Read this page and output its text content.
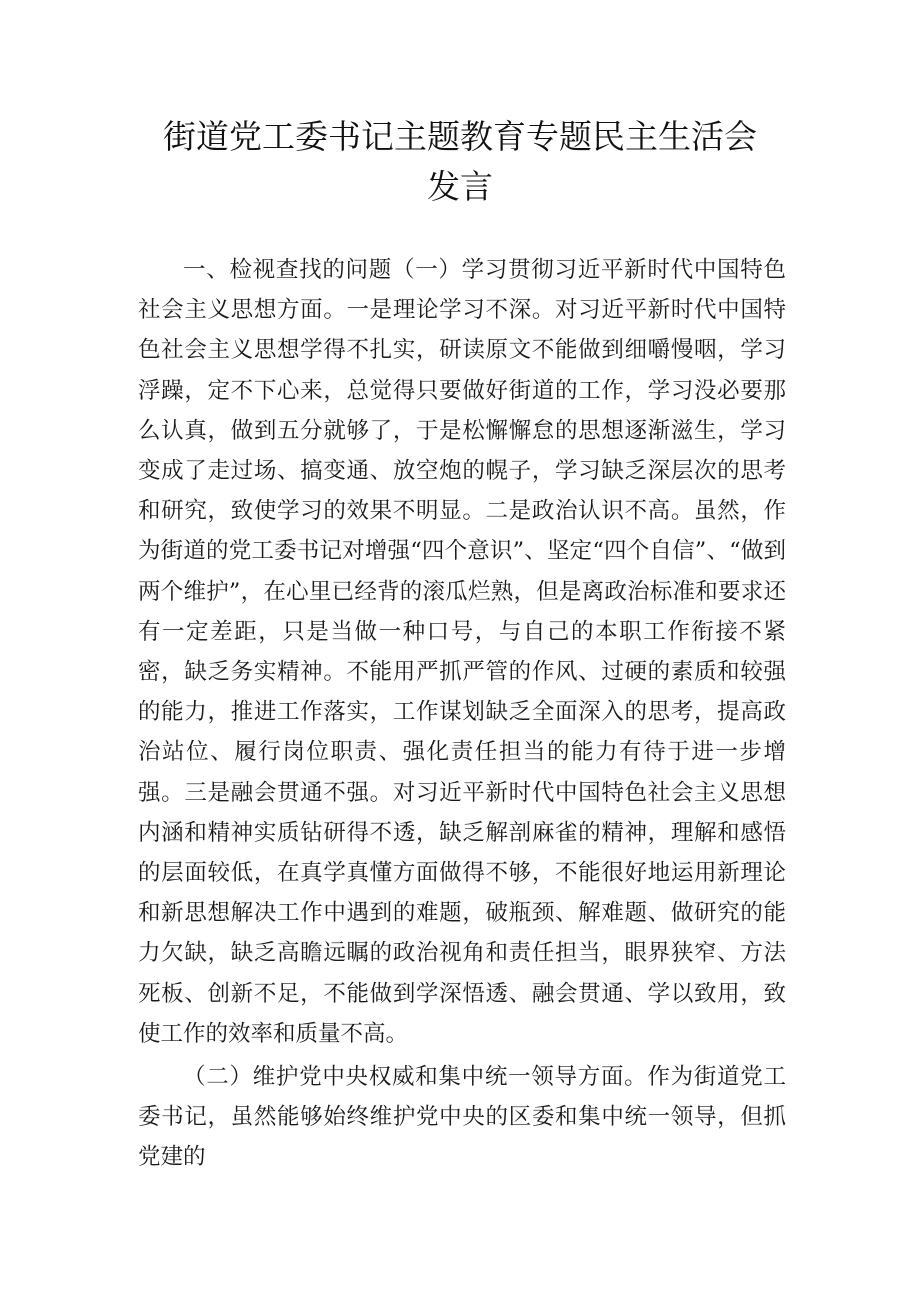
街道党工委书记主题教育专题民主生活会
发言

一、检视查找的问题（一）学习贯彻习近平新时代中国特色社会主义思想方面。一是理论学习不深。对习近平新时代中国特色社会主义思想学得不扎实，研读原文不能做到细嚼慢咽，学习浮躁，定不下心来，总觉得只要做好街道的工作，学习没必要那么认真，做到五分就够了，于是松懈懈怠的思想逐渐滋生，学习变成了走过场、搞变通、放空炮的幌子，学习缺乏深层次的思考和研究，致使学习的效果不明显。二是政治认识不高。虽然，作为街道的党工委书记对增强“四个意识”、坚定“四个自信”、“做到两个维护”，在心里已经背的滚瓜烂熟，但是离政治标准和要求还有一定差距，只是当做一种口号，与自己的本职工作衔接不紧密，缺乏务实精神。不能用严抓严管的作风、过硬的素质和较强的能力，推进工作落实，工作谋划缺乏全面深入的思考，提高政治站位、履行岗位职责、强化责任担当的能力有待于进一步增强。三是融会贯通不强。对习近平新时代中国特色社会主义思想内涵和精神实质钻研得不透，缺乏解剖麻雀的精神，理解和感悟的层面较低，在真学真懂方面做得不够，不能很好地运用新理论和新思想解决工作中遇到的难题，破瓶颈、解难题、做研究的能力欠缺，缺乏高瞻远瞩的政治视角和责任担当，眼界狭窄、方法死板、创新不足，不能做到学深悟透、融会贯通、学以致用，致使工作的效率和质量不高。

（二）维护党中央权威和集中统一领导方面。作为街道党工委书记，虽然能够始终维护党中央的区委和集中统一领导，但抓党建的
